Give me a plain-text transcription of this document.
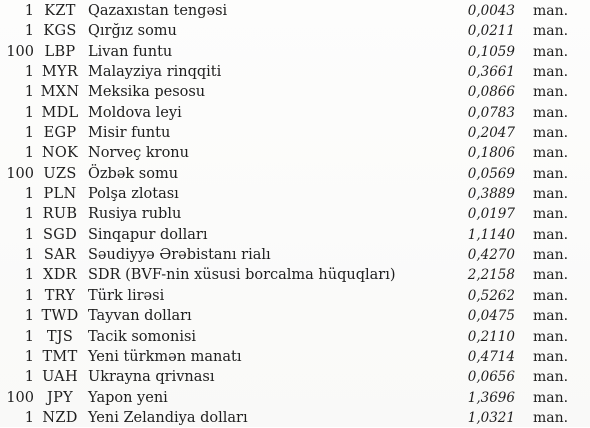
1 KZT Qazaxıstan tengəsi	0,0043 man.
1 KGS Qırğız somu	0,0211 man.
100 LBP Livan funtu	0,1059 man.
1 MYR Malayziya rinqqiti	0,3661 man.
1 MXN Meksika pesosu	0,0866 man.
1 MDL Moldova leyi	0,0783 man.
1 EGP Misir funtu	0,2047 man.
1 NOK Norveç kronu	0,1806 man.
100 UZS Özbək somu	0,0569 man.
1 PLN Polşa zlotası	0,3889 man.
1 RUB Rusiya rublu	0,0197 man.
1 SGD Sinqapur dolları	1,1140 man.
1 SAR Səudiyyə Ərəbistanı rialı	0,4270 man.
1 XDR SDR (BVF-nin xüsusi borcalma hüquqları)	2,2158 man.
1 TRY Türk lirəsi	0,5262 man.
1 TWD Tayvan dolları	0,0475 man.
1 TJS	Tacik somonisi	0,2110 man.
1 TMT Yeni türkmən manatı	0,4714 man.
1 UAH Ukrayna qrivnası	0,0656 man.
100 JPY	Yapon yeni	1,3696 man.
1 NZD Yeni Zelandiya dolları	1,0321 man.
